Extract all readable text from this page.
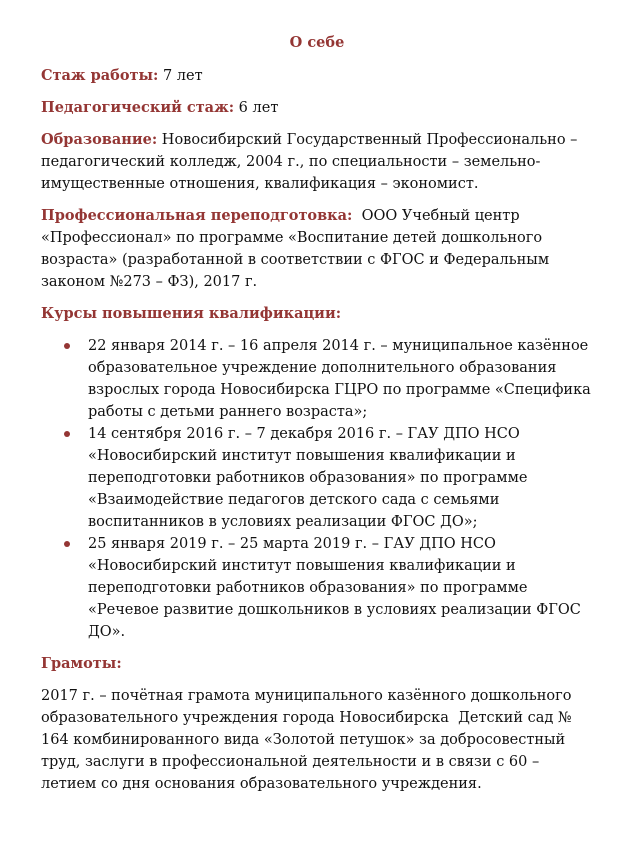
О себе

Стаж работы: 7 лет

Педагогический стаж: 6 лет

Образование: Новосибирский Государственный Профессионально – педагогический колледж, 2004 г., по специальности – земельно-имущественные отношения, квалификация – экономист.

Профессиональная переподготовка:  ООО Учебный центр «Профессионал» по программе «Воспитание детей дошкольного возраста» (разработанной в соответствии с ФГОС и Федеральным законом №273 – ФЗ), 2017 г.

Курсы повышения квалификации:
22 января 2014 г. – 16 апреля 2014 г. – муниципальное казённое образовательное учреждение дополнительного образования взрослых города Новосибирска ГЦРО по программе «Специфика работы с детьми раннего возраста»;
14 сентября 2016 г. – 7 декабря 2016 г. – ГАУ ДПО НСО «Новосибирский институт повышения квалификации и переподготовки работников образования» по программе «Взаимодействие педагогов детского сада с семьями воспитанников в условиях реализации ФГОС ДО»;
25 января 2019 г. – 25 марта 2019 г. – ГАУ ДПО НСО «Новосибирский институт повышения квалификации и переподготовки работников образования» по программе «Речевое развитие дошкольников в условиях реализации ФГОС ДО».
Грамоты:

2017 г. – почётная грамота муниципального казённого дошкольного образовательного учреждения города Новосибирска  Детский сад № 164 комбинированного вида «Золотой петушок» за добросовестный труд, заслуги в профессиональной деятельности и в связи с 60 – летием со дня основания образовательного учреждения.
